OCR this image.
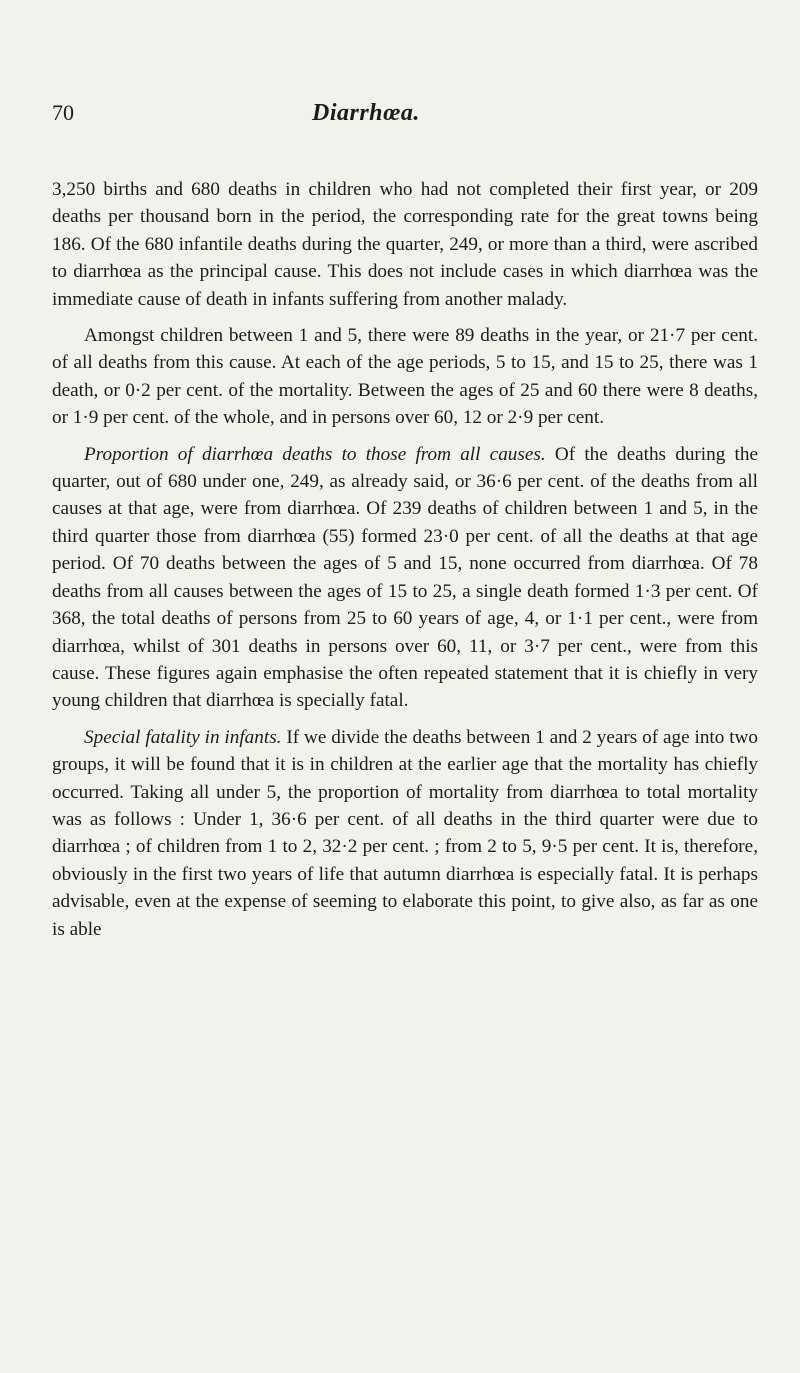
70	Diarrhœa.

3,250 births and 680 deaths in children who had not completed their first year, or 209 deaths per thousand born in the period, the corresponding rate for the great towns being 186. Of the 680 infantile deaths during the quarter, 249, or more than a third, were ascribed to diarrhœa as the principal cause. This does not include cases in which diarrhœa was the immediate cause of death in infants suffering from another malady.

Amongst children between 1 and 5, there were 89 deaths in the year, or 21·7 per cent. of all deaths from this cause. At each of the age periods, 5 to 15, and 15 to 25, there was 1 death, or 0·2 per cent. of the mortality. Between the ages of 25 and 60 there were 8 deaths, or 1·9 per cent. of the whole, and in persons over 60, 12 or 2·9 per cent.

Proportion of diarrhœa deaths to those from all causes. Of the deaths during the quarter, out of 680 under one, 249, as already said, or 36·6 per cent. of the deaths from all causes at that age, were from diarrhœa. Of 239 deaths of children between 1 and 5, in the third quarter those from diarrhœa (55) formed 23·0 per cent. of all the deaths at that age period. Of 70 deaths between the ages of 5 and 15, none occurred from diarrhœa. Of 78 deaths from all causes between the ages of 15 to 25, a single death formed 1·3 per cent. Of 368, the total deaths of persons from 25 to 60 years of age, 4, or 1·1 per cent., were from diarrhœa, whilst of 301 deaths in persons over 60, 11, or 3·7 per cent., were from this cause. These figures again emphasise the often repeated statement that it is chiefly in very young children that diarrhœa is specially fatal.

Special fatality in infants. If we divide the deaths between 1 and 2 years of age into two groups, it will be found that it is in children at the earlier age that the mortality has chiefly occurred. Taking all under 5, the proportion of mortality from diarrhœa to total mortality was as follows : Under 1, 36·6 per cent. of all deaths in the third quarter were due to diarrhœa ; of children from 1 to 2, 32·2 per cent. ; from 2 to 5, 9·5 per cent. It is, therefore, obviously in the first two years of life that autumn diarrhœa is especially fatal. It is perhaps advisable, even at the expense of seeming to elaborate this point, to give also, as far as one is able
